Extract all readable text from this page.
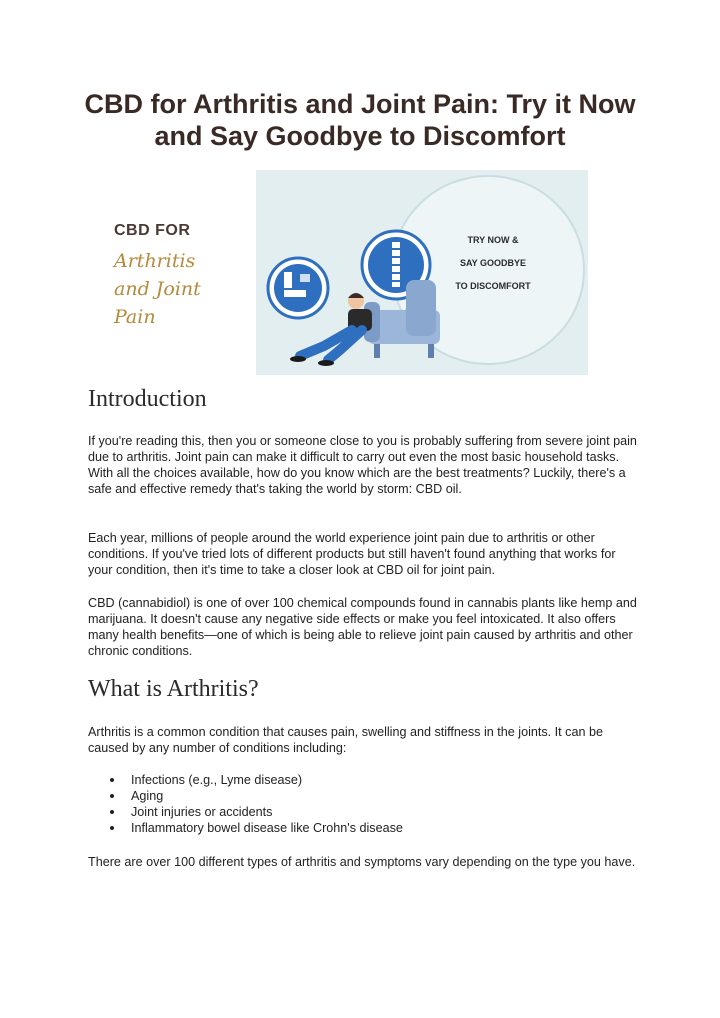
CBD for Arthritis and Joint Pain: Try it Now and Say Goodbye to Discomfort
CBD FOR
Arthritis
and Joint
Pain
TRY NOW &
SAY GOODBYE
TO DISCOMFORT
Introduction

If you're reading this, then you or someone close to you is probably suffering from severe joint pain due to arthritis. Joint pain can make it difficult to carry out even the most basic household tasks. With all the choices available, how do you know which are the best treatments? Luckily, there's a safe and effective remedy that's taking the world by storm: CBD oil.

Each year, millions of people around the world experience joint pain due to arthritis or other conditions. If you've tried lots of different products but still haven't found anything that works for your condition, then it's time to take a closer look at CBD oil for joint pain.

CBD (cannabidiol) is one of over 100 chemical compounds found in cannabis plants like hemp and marijuana. It doesn't cause any negative side effects or make you feel intoxicated. It also offers many health benefits—one of which is being able to relieve joint pain caused by arthritis and other chronic conditions.

What is Arthritis?

Arthritis is a common condition that causes pain, swelling and stiffness in the joints. It can be caused by any number of conditions including:

Infections (e.g., Lyme disease)
Aging
Joint injuries or accidents
Inflammatory bowel disease like Crohn's disease

There are over 100 different types of arthritis and symptoms vary depending on the type you have.
